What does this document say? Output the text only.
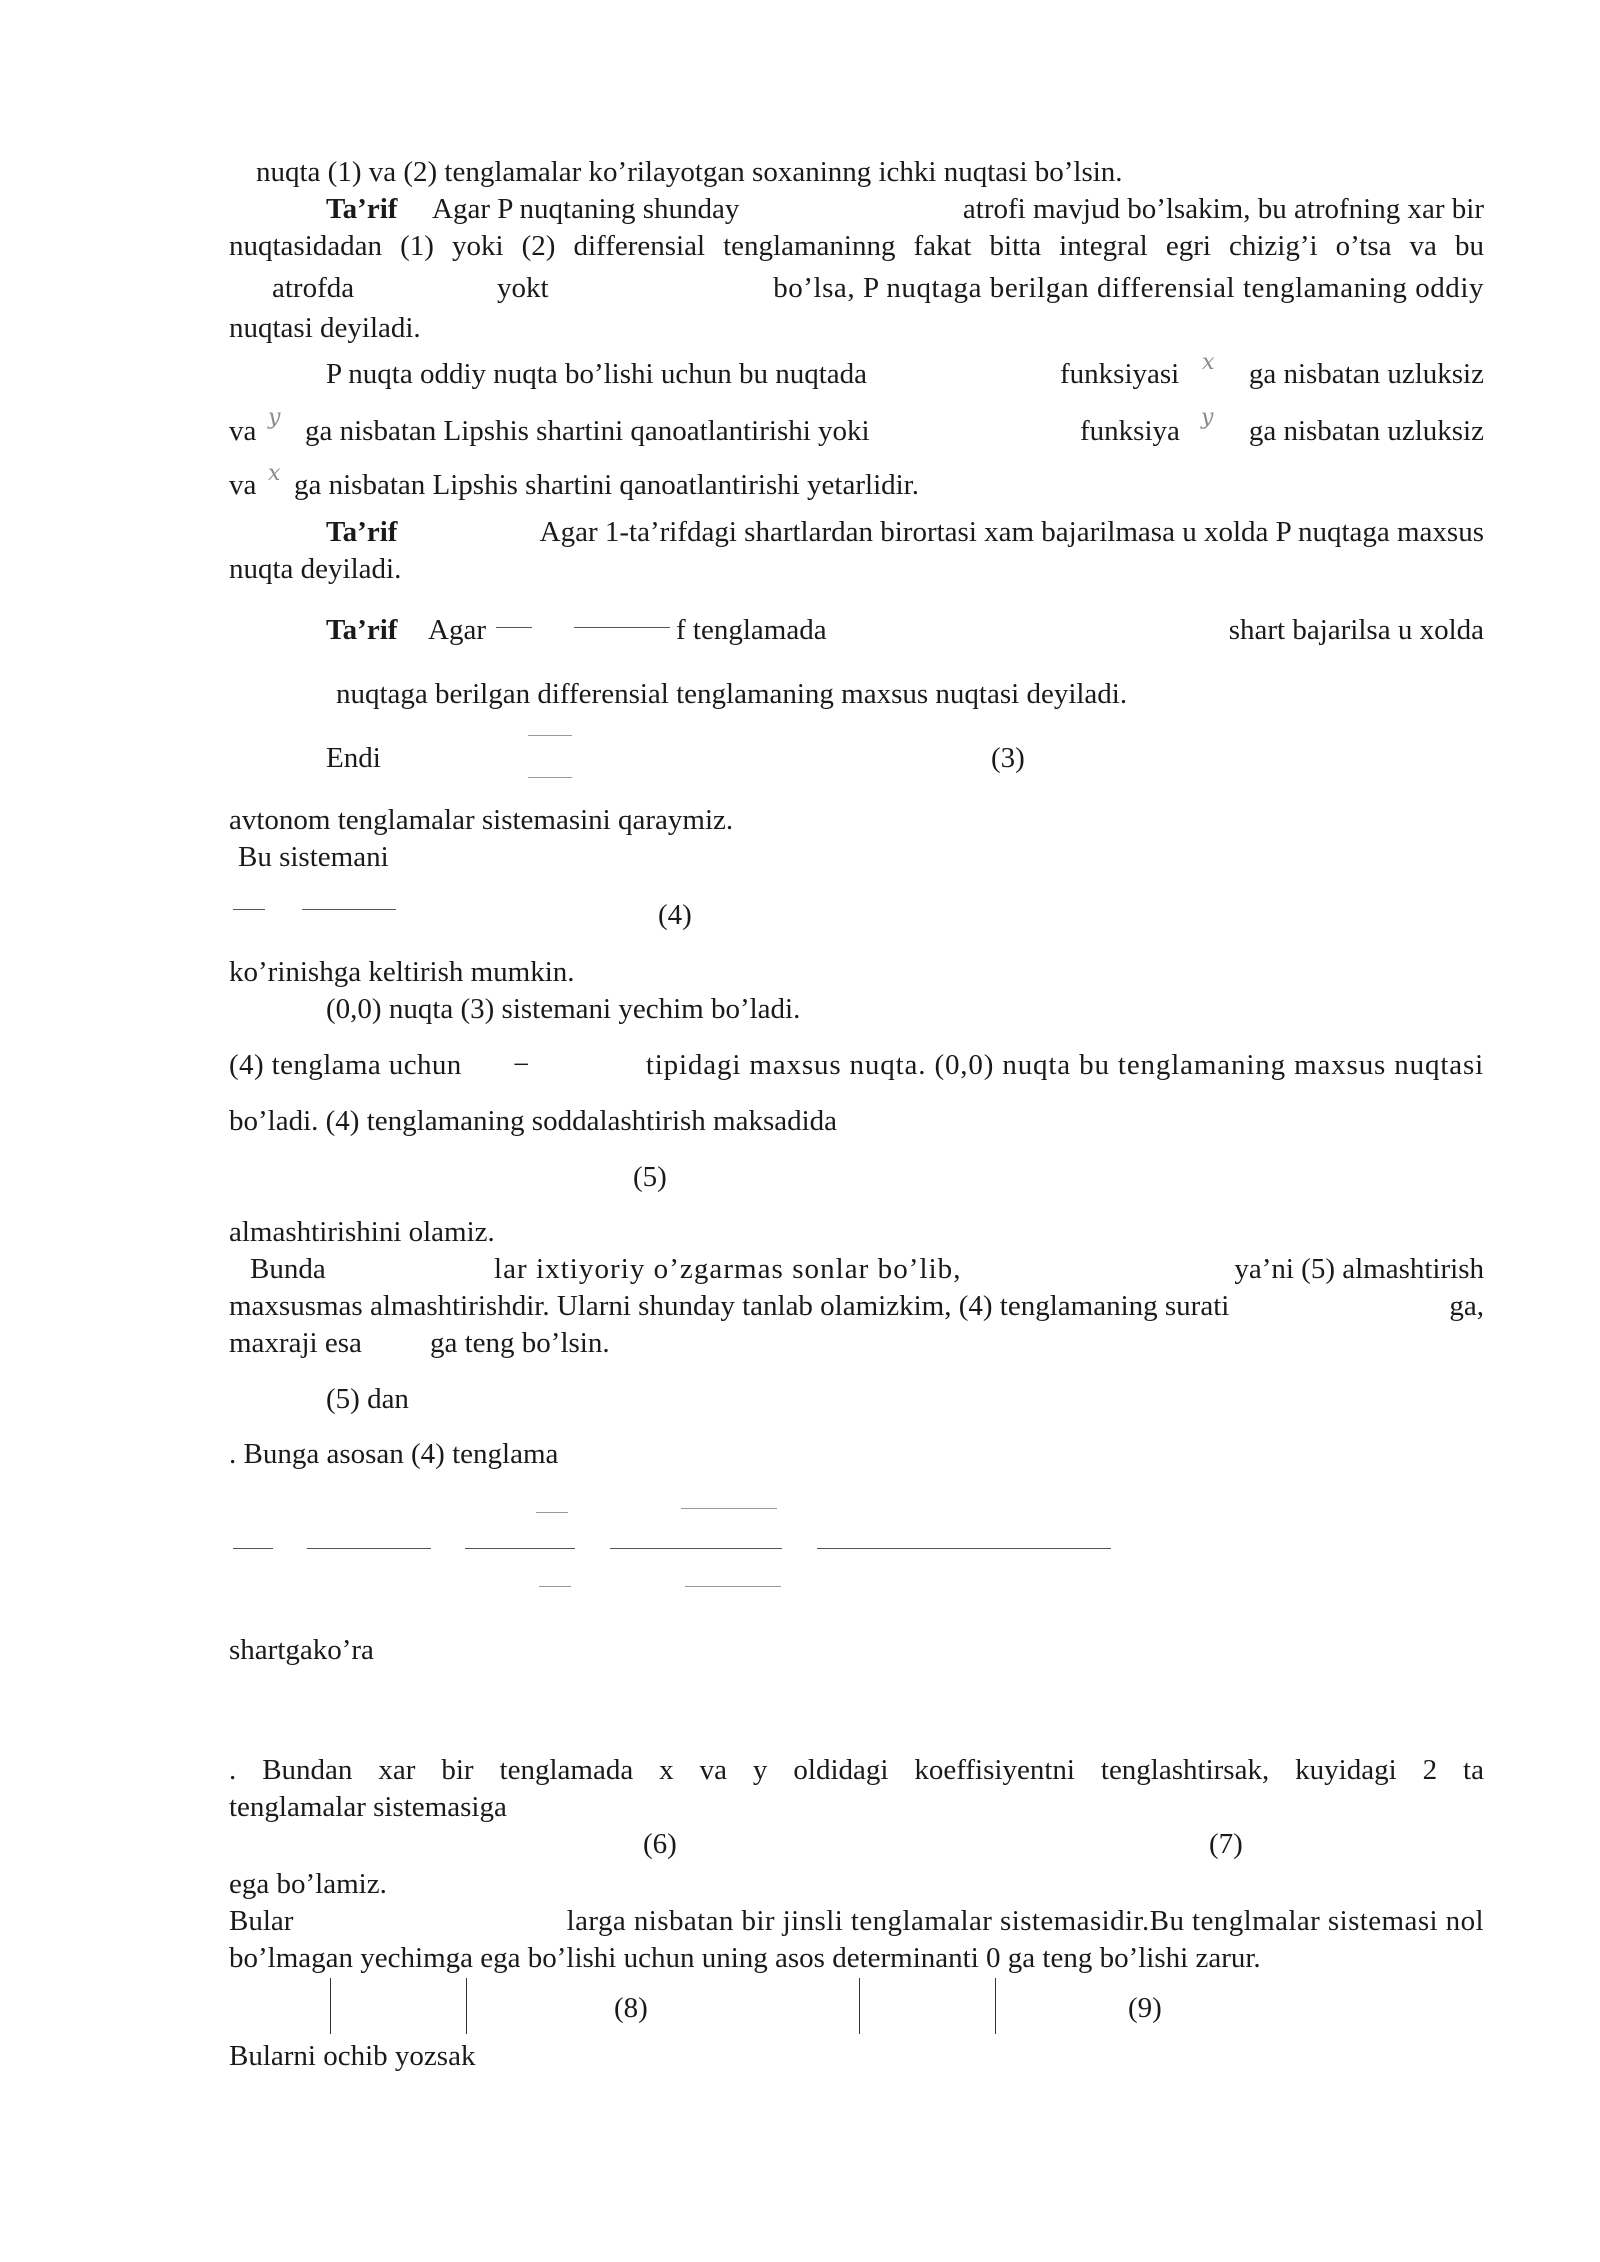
nuqta (1) va (2) tenglamalar ko’rilayotgan soxaninng ichki nuqtasi bo’lsin.
Ta’rif Agar P nuqtaning shunday	atrofi mavjud bo’lsakim, bu atrofning xar bir
nuqtasidadan (1) yoki (2) differensial tenglamaninng fakat bitta integral egri chizig’i o’tsa va bu
atrofda	yokt	bo’lsa, P nuqtaga berilgan differensial tenglamaning oddiy
nuqtasi deyiladi.
P nuqta oddiy nuqta bo’lishi uchun bu nuqtada	funksiyasi x ga nisbatan uzluksiz
va y ga nisbatan Lipshis shartini qanoatlantirishi yoki	funksiya y ga nisbatan uzluksiz
va x ga nisbatan Lipshis shartini qanoatlantirishi yetarlidir.
Ta’rif	Agar 1-ta’rifdagi shartlardan birortasi xam bajarilmasa u xolda P nuqtaga maxsus
nuqta deyiladi.
Ta’rif Agar	f tenglamada	shart bajarilsa u xolda
nuqtaga berilgan differensial tenglamaning maxsus nuqtasi deyiladi.
Endi	(3)
avtonom tenglamalar sistemasini qaraymiz.
Bu sistemani
(4)
ko’rinishga keltirish mumkin.
(0,0) nuqta (3) sistemani yechim bo’ladi.
(4) tenglama uchun −	tipidagi maxsus nuqta. (0,0) nuqta bu tenglamaning maxsus nuqtasi
bo’ladi. (4) tenglamaning soddalashtirish maksadida
(5)
almashtirishini olamiz.
Bunda	lar ixtiyoriy o’zgarmas sonlar bo’lib,	ya’ni (5) almashtirish
maxsusmas almashtirishdir. Ularni shunday tanlab olamizkim, (4) tenglamaning surati	ga,
maxraji esa ga teng bo’lsin.
(5) dan
. Bunga asosan (4) tenglama
shartgako’ra
. Bundan xar bir tenglamada x va y oldidagi koeffisiyentni tenglashtirsak, kuyidagi 2 ta
tenglamalar sistemasiga
(6)	(7)
ega bo’lamiz.
Bular	larga nisbatan bir jinsli tenglamalar sistemasidir.Bu tenglmalar sistemasi nol
bo’lmagan yechimga ega bo’lishi uchun uning asos determinanti 0 ga teng bo’lishi zarur.
(8)	(9)
Bularni ochib yozsak
